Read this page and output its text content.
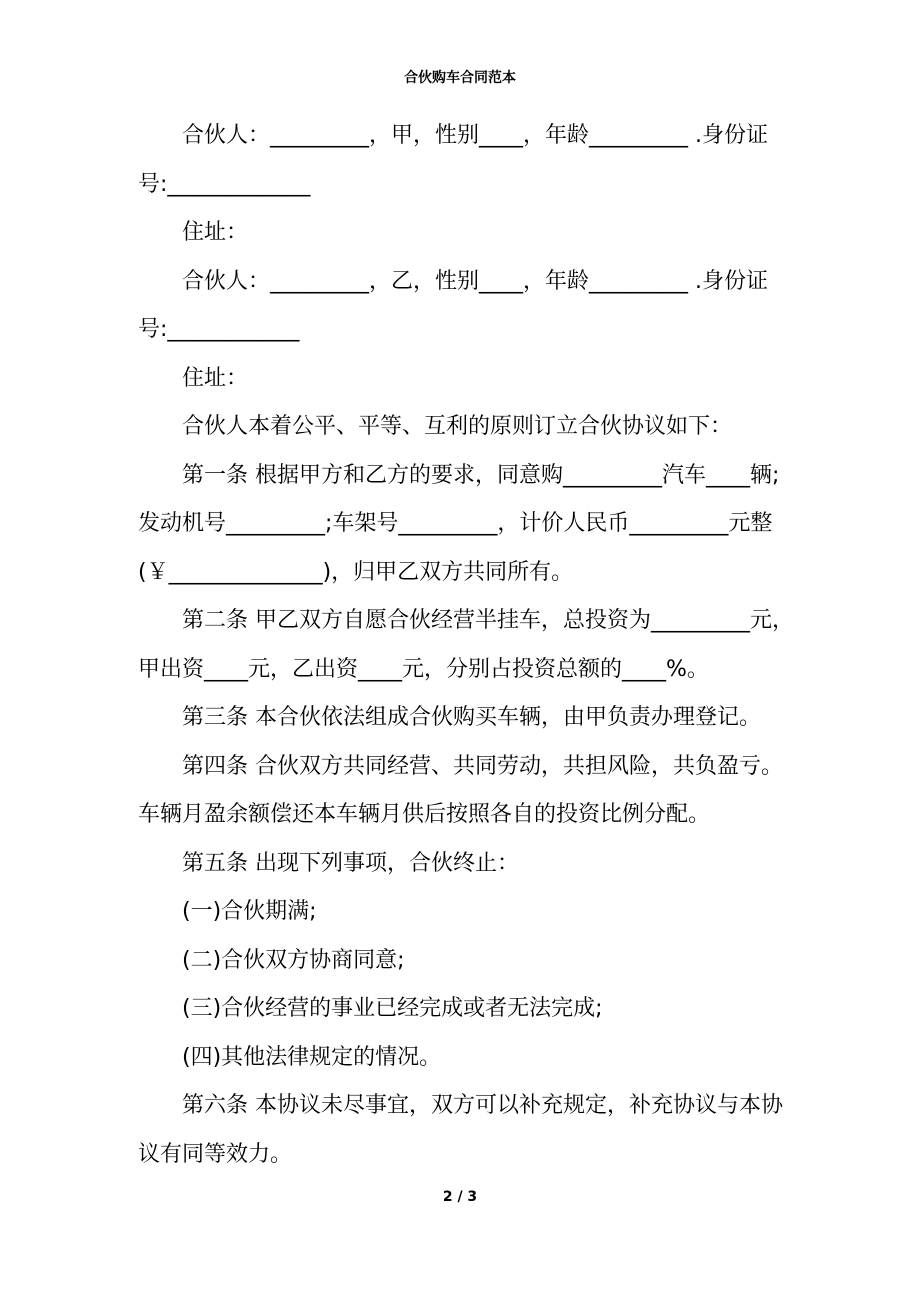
合伙购车合同范本
合伙人：_________，甲，性别____，年龄_________ .身份证
号:_____________
住址：
合伙人：_________，乙，性别____，年龄_________ .身份证
号:____________
住址：
合伙人本着公平、平等、互利的原则订立合伙协议如下：
第一条 根据甲方和乙方的要求，同意购_________汽车____辆;
发动机号_________;车架号_________，计价人民币_________元整
(￥______________)，归甲乙双方共同所有。
第二条 甲乙双方自愿合伙经营半挂车，总投资为_________元，
甲出资____元，乙出资____元，分别占投资总额的____%。
第三条 本合伙依法组成合伙购买车辆，由甲负责办理登记。
第四条 合伙双方共同经营、共同劳动，共担风险，共负盈亏。
车辆月盈余额偿还本车辆月供后按照各自的投资比例分配。
第五条 出现下列事项，合伙终止：
(一)合伙期满;
(二)合伙双方协商同意;
(三)合伙经营的事业已经完成或者无法完成;
(四)其他法律规定的情况。
第六条 本协议未尽事宜，双方可以补充规定，补充协议与本协
议有同等效力。
2 / 3
